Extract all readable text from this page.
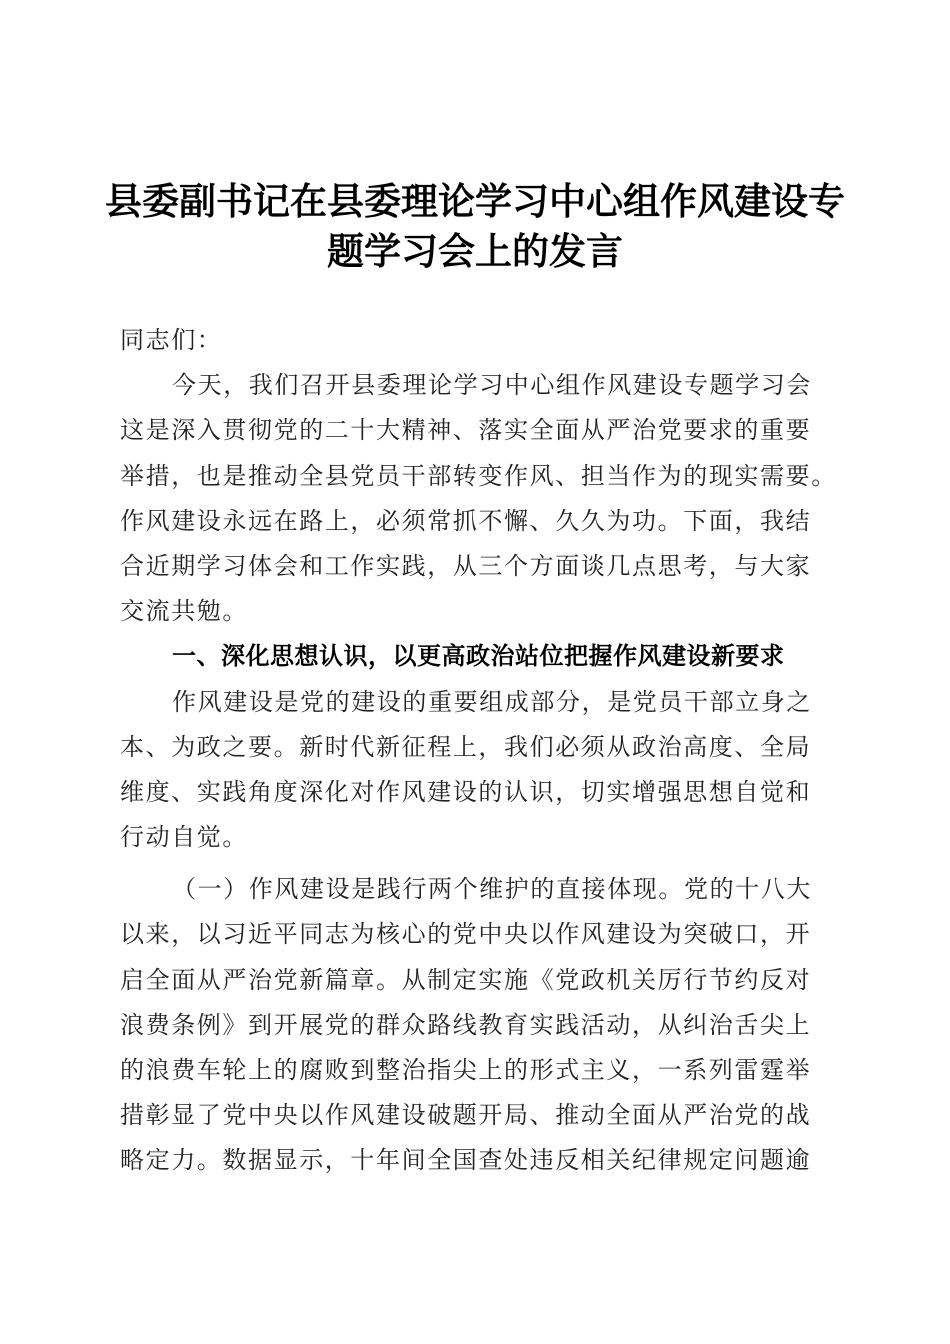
县委副书记在县委理论学习中心组作风建设专
题学习会上的发言
同志们：
今天，我们召开县委理论学习中心组作风建设专题学习会
这是深入贯彻党的二十大精神、落实全面从严治党要求的重要
举措，也是推动全县党员干部转变作风、担当作为的现实需要。
作风建设永远在路上，必须常抓不懈、久久为功。下面，我结
合近期学习体会和工作实践，从三个方面谈几点思考，与大家
交流共勉。
一、深化思想认识，以更高政治站位把握作风建设新要求
作风建设是党的建设的重要组成部分，是党员干部立身之
本、为政之要。新时代新征程上，我们必须从政治高度、全局
维度、实践角度深化对作风建设的认识，切实增强思想自觉和
行动自觉。
（一）作风建设是践行两个维护的直接体现。党的十八大
以来，以习近平同志为核心的党中央以作风建设为突破口，开
启全面从严治党新篇章。从制定实施《党政机关厉行节约反对
浪费条例》到开展党的群众路线教育实践活动，从纠治舌尖上
的浪费车轮上的腐败到整治指尖上的形式主义，一系列雷霆举
措彰显了党中央以作风建设破题开局、推动全面从严治党的战
略定力。数据显示，十年间全国查处违反相关纪律规定问题逾
